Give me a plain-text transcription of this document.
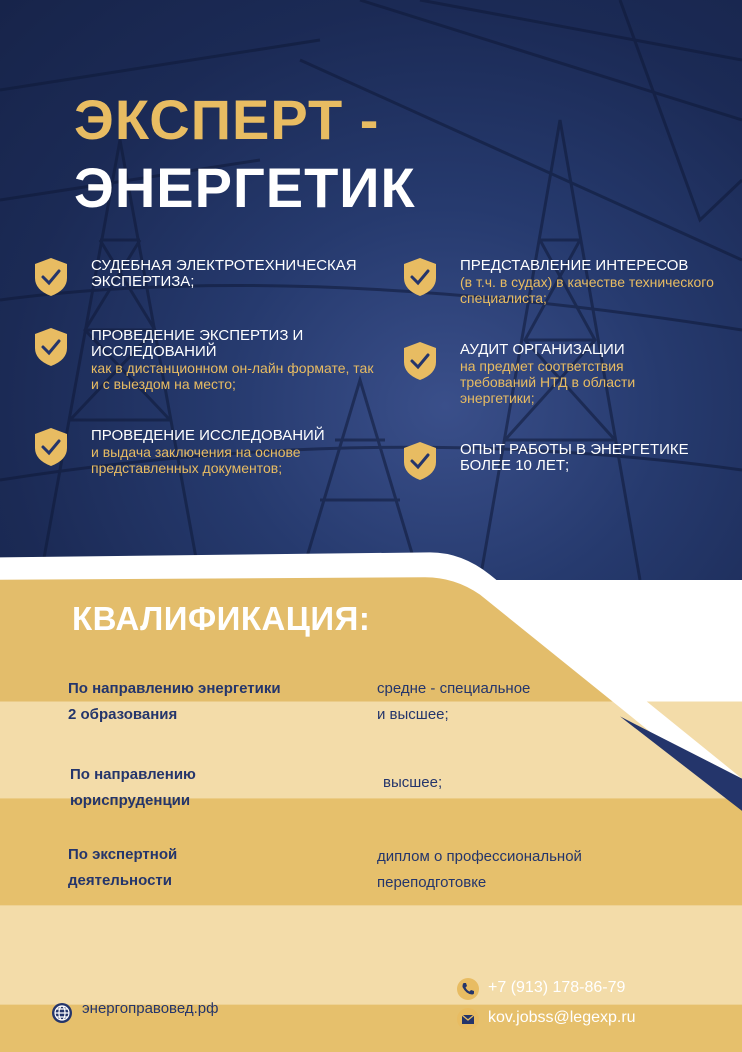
ЭКСПЕРТ -
ЭНЕРГЕТИК
СУДЕБНАЯ ЭЛЕКТРОТЕХНИЧЕСКАЯ ЭКСПЕРТИЗА;
ПРЕДСТАВЛЕНИЕ ИНТЕРЕСОВ
(в т.ч. в судах) в качестве технического специалиста;
ПРОВЕДЕНИЕ ЭКСПЕРТИЗ И ИССЛЕДОВАНИЙ
как в дистанционном он-лайн формате, так и с выездом на место;
АУДИТ ОРГАНИЗАЦИИ
на предмет соответствия требований НТД в области энергетики;
ПРОВЕДЕНИЕ ИССЛЕДОВАНИЙ
и выдача заключения на основе представленных документов;
ОПЫТ РАБОТЫ В ЭНЕРГЕТИКЕ БОЛЕЕ 10 ЛЕТ;
КВАЛИФИКАЦИЯ:
По направлению энергетики
2 образования
средне - специальное
и высшее;
По направлению
юриспруденции
высшее;
По экспертной
деятельности
диплом о профессиональной
переподготовке
энергоправовед.рф
+7 (913) 178-86-79
kov.jobss@legexp.ru
